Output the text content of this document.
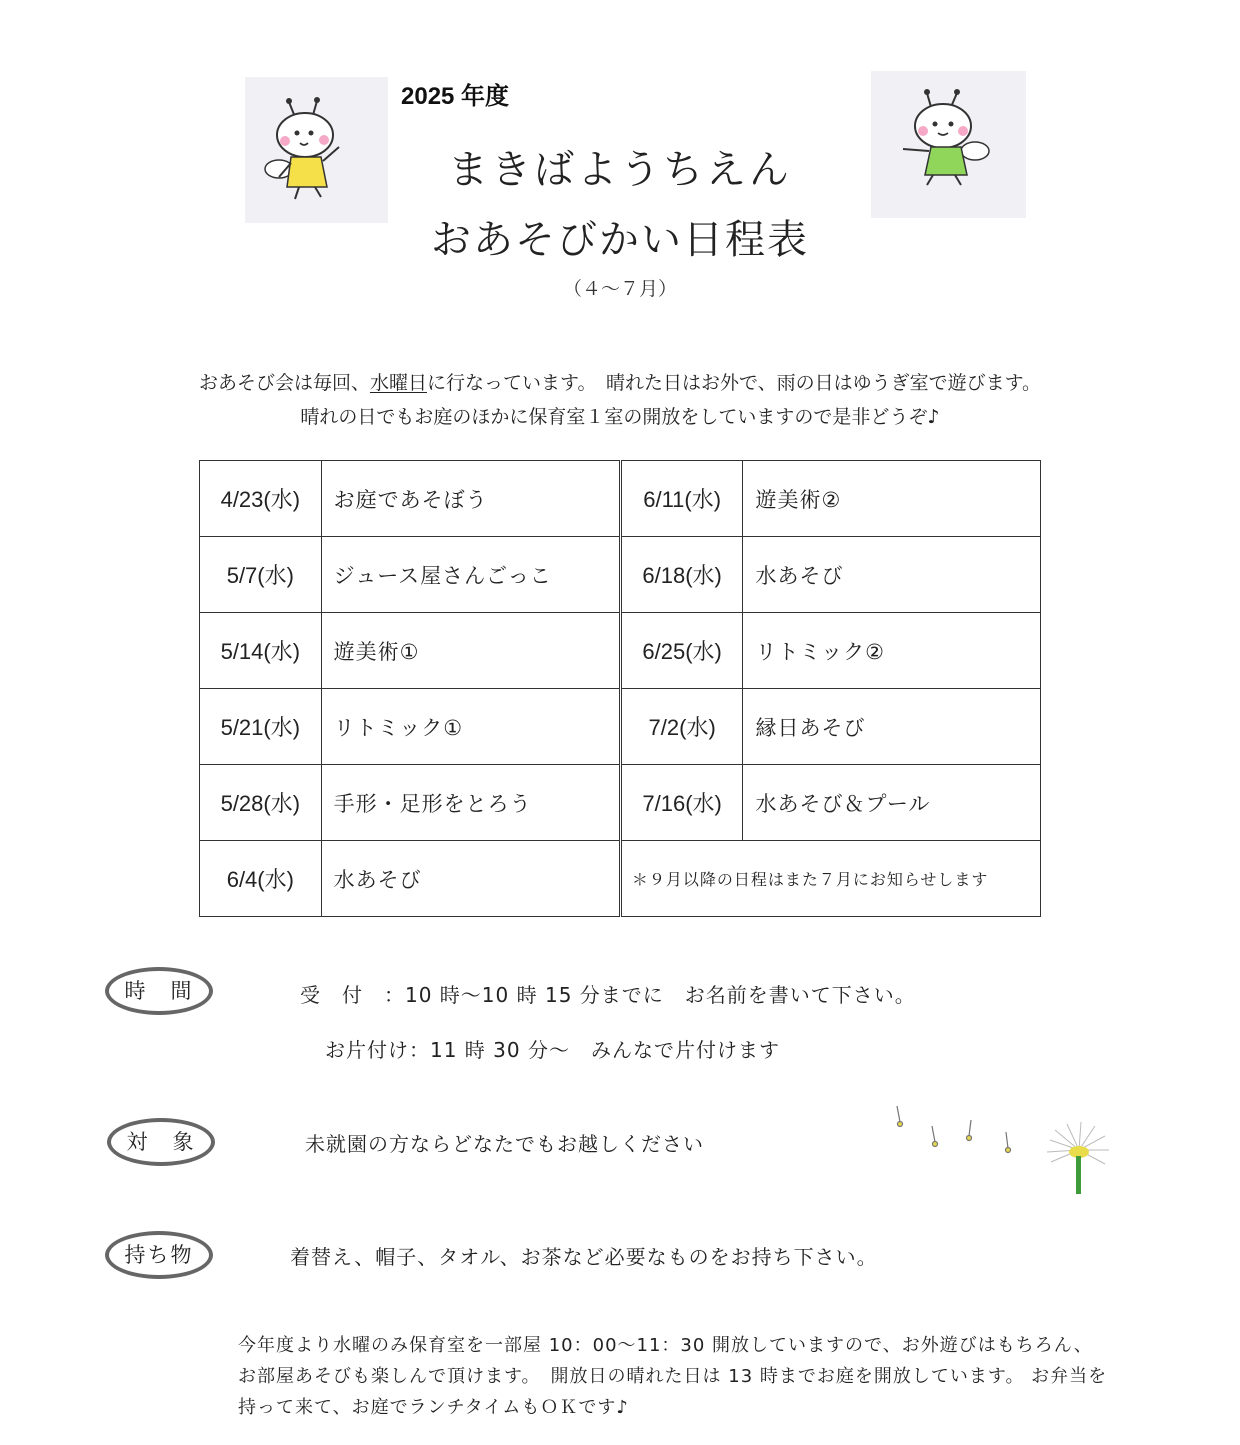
2025 年度
まきばようちえん
おあそびかい日程表
（４～７月）
おあそび会は毎回、水曜日に行なっています。　晴れた日はお外で、雨の日はゆうぎ室で遊びます。
晴れの日でもお庭のほかに保育室１室の開放をしていますので是非どうぞ♪
4/23(水)	お庭であそぼう	6/11(水)	遊美術②
5/7(水)	ジュース屋さんごっこ	6/18(水)	水あそび
5/14(水)	遊美術①	6/25(水)	リトミック②
5/21(水)	リトミック①	7/2(水)	縁日あそび
5/28(水)	手形・足形をとろう	7/16(水)	水あそび＆プール
6/4(水)	水あそび	＊９月以降の日程はまた７月にお知らせします	
時　間	受　付　：10 時～10 時 15 分までに　お名前を書いて下さい。
お片付け：11 時 30 分～　みんなで片付けます
対　象	未就園の方ならどなたでもお越しください
持ち物	着替え、帽子、タオル、お茶など必要なものをお持ち下さい。
今年度より水曜のみ保育室を一部屋 10：00～11：30 開放していますので、お外遊びはもちろん、お部屋あそびも楽しんで頂けます。　開放日の晴れた日は 13 時までお庭を開放しています。 お弁当を持って来て、お庭でランチタイムもＯＫです♪
